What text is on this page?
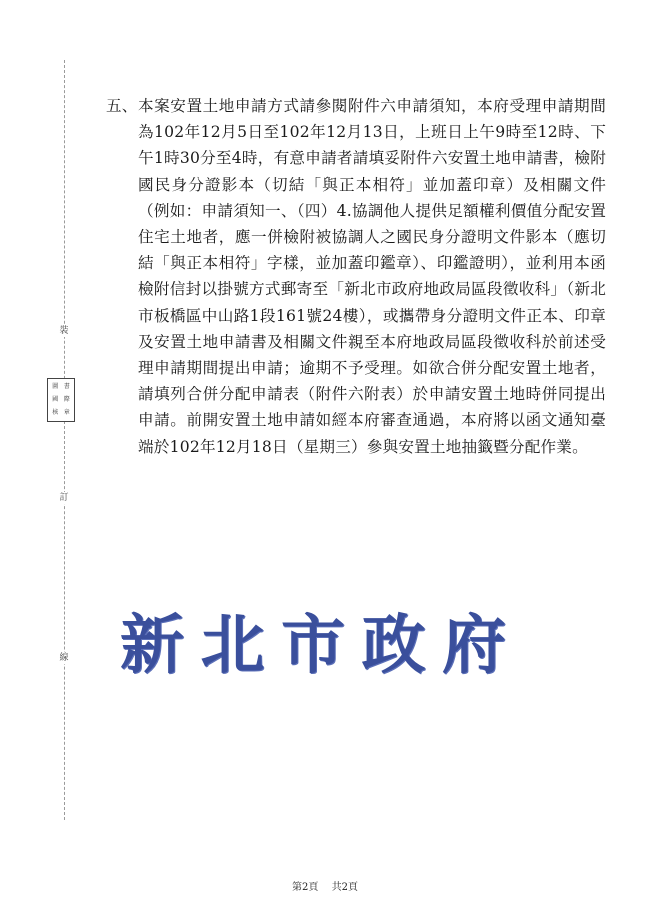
裝
訂
線
圖 書
國 際
核 章
五、 本案安置土地申請方式請參閱附件六申請須知，本府受理申請期間為102年12月5日至102年12月13日，上班日上午9時至12時、下午1時30分至4時，有意申請者請填妥附件六安置土地申請書，檢附國民身分證影本（切結「與正本相符」並加蓋印章）及相關文件（例如：申請須知一、（四）4.協調他人提供足額權利價值分配安置住宅土地者，應一併檢附被協調人之國民身分證明文件影本（應切結「與正本相符」字樣，並加蓋印鑑章）、印鑑證明），並利用本函檢附信封以掛號方式郵寄至「新北市政府地政局區段徵收科」（新北市板橋區中山路1段161號24樓），或攜帶身分證明文件正本、印章及安置土地申請書及相關文件親至本府地政局區段徵收科於前述受理申請期間提出申請；逾期不予受理。如欲合併分配安置土地者，請填列合併分配申請表（附件六附表）於申請安置土地時併同提出申請。前開安置土地申請如經本府審查通過，本府將以函文通知臺端於102年12月18日（星期三）參與安置土地抽籤暨分配作業。
新 北 市 政 府
第2頁 共2頁
